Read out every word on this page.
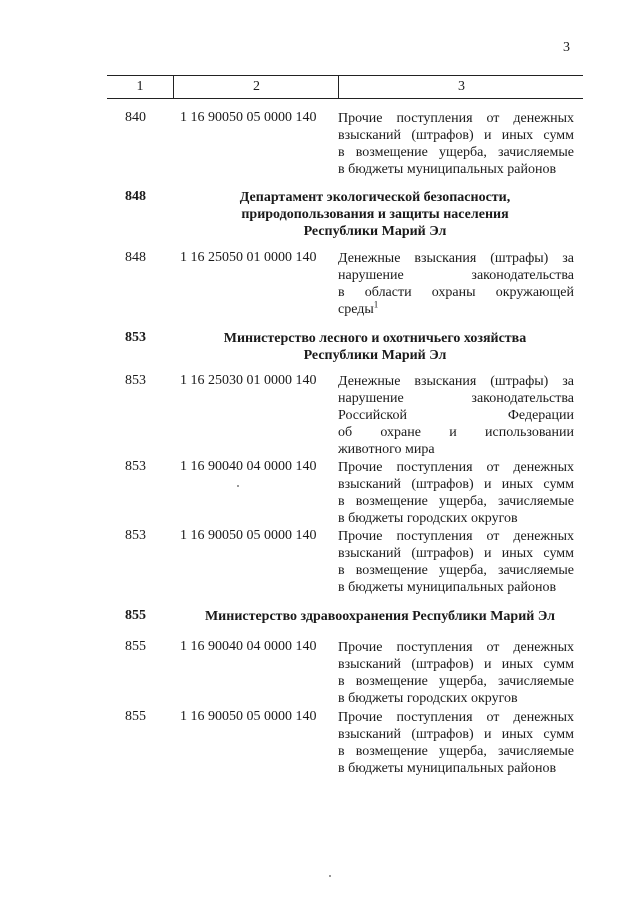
3
1	2	3
840	1 16 90050 05 0000 140 Прочие поступления от денежных
взысканий (штрафов) и иных сумм
в возмещение ущерба, зачисляемые
в бюджеты муниципальных районов
848	Департамент экологической безопасности,
природопользования и защиты населения
Республики Марий Эл
848	1 16 25050 01 0000 140 Денежные взыскания (штрафы) за
нарушение законодательства
в области охраны окружающей
среды$^1$
853	Министерство лесного и охотничьего хозяйства
Республики Марий Эл
853	1 16 25030 01 0000 140 Денежные взыскания (штрафы) за
нарушение законодательства
Российской Федерации
об охране и использовании
животного мира
853	1 16 90040 04 0000 140 Прочие поступления от денежных
взысканий (штрафов) и иных сумм
в возмещение ущерба, зачисляемые
в бюджеты городских округов
853	1 16 90050 05 0000 140 Прочие поступления от денежных
взысканий (штрафов) и иных сумм
в возмещение ущерба, зачисляемые
в бюджеты муниципальных районов
855	Министерство здравоохранения Республики Марий Эл
855	1 16 90040 04 0000 140 Прочие поступления от денежных
взысканий (штрафов) и иных сумм
в возмещение ущерба, зачисляемые
в бюджеты городских округов
855	1 16 90050 05 0000 140 Прочие поступления от денежных
взысканий (штрафов) и иных сумм
в возмещение ущерба, зачисляемые
в бюджеты муниципальных районов
